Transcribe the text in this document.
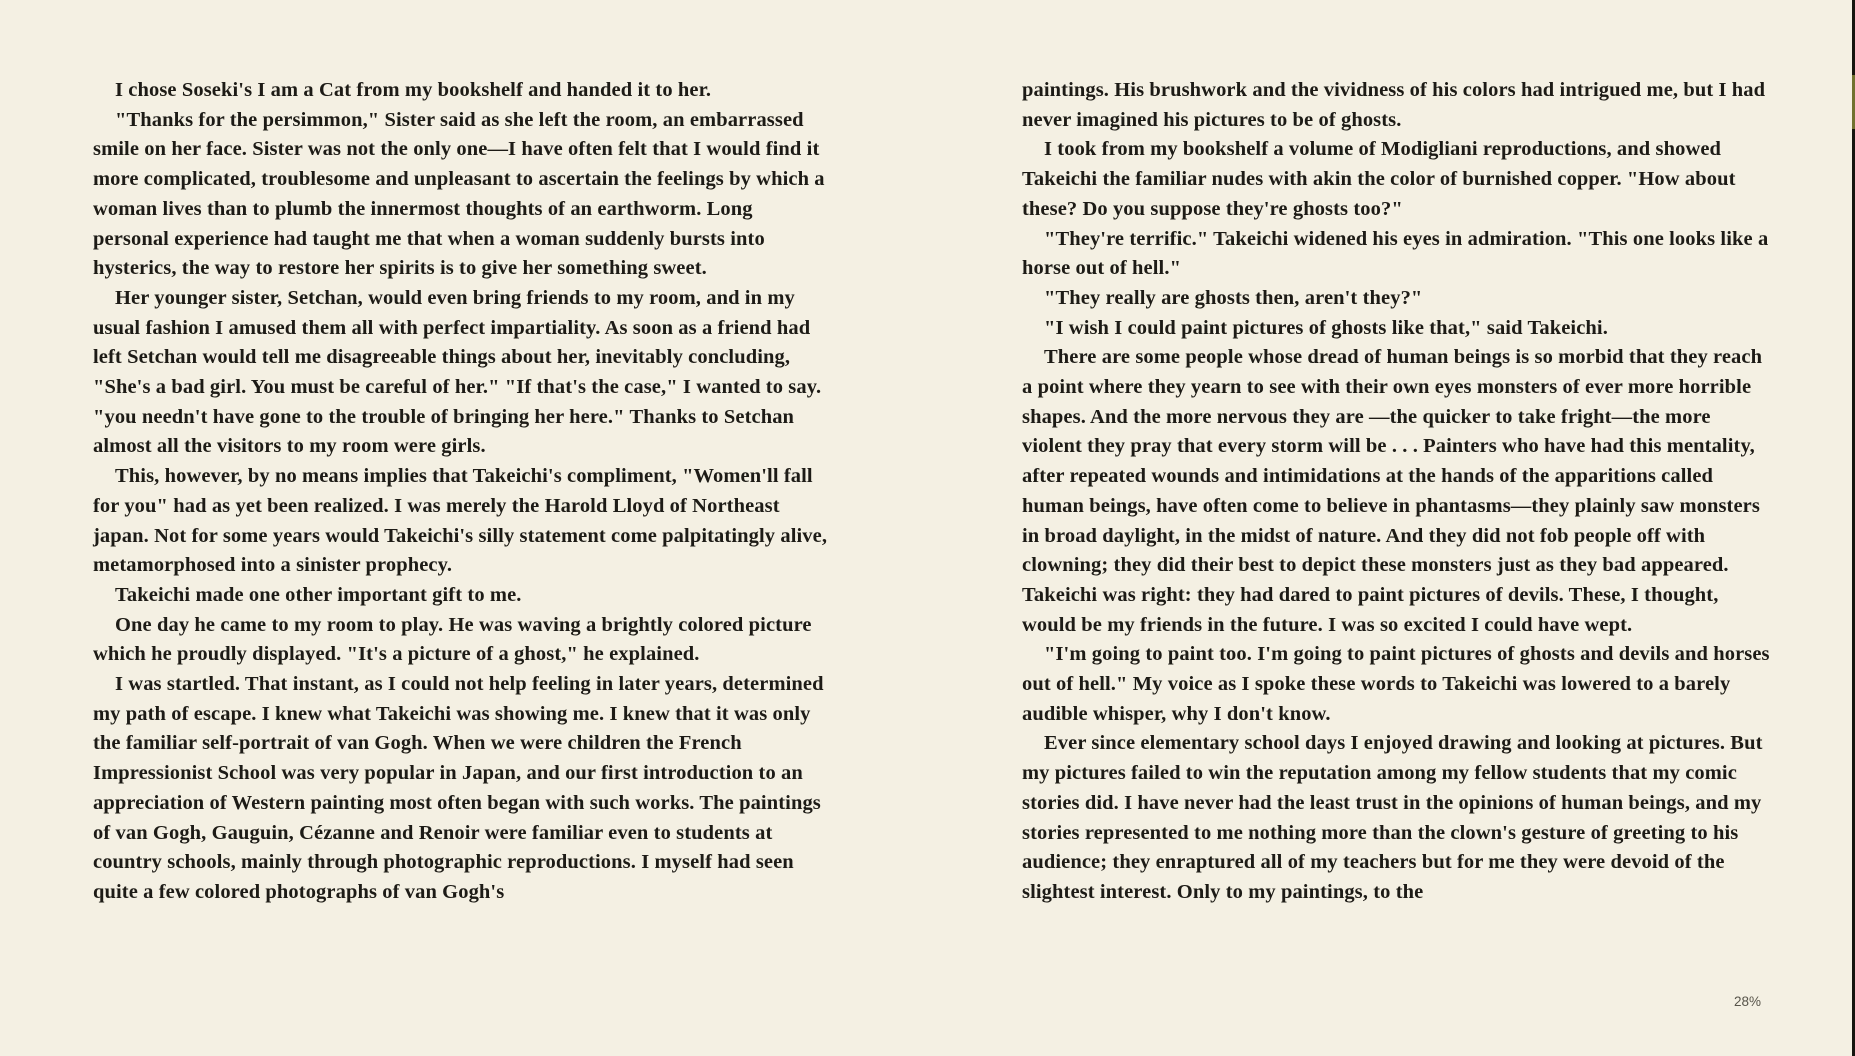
I chose Soseki's I am a Cat from my bookshelf and handed it to her.

"Thanks for the persimmon," Sister said as she left the room, an embarrassed smile on her face. Sister was not the only one—I have often felt that I would find it more complicated, troublesome and unpleasant to ascertain the feelings by which a woman lives than to plumb the innermost thoughts of an earthworm. Long personal experience had taught me that when a woman suddenly bursts into hysterics, the way to restore her spirits is to give her something sweet.

Her younger sister, Setchan, would even bring friends to my room, and in my usual fashion I amused them all with perfect impartiality. As soon as a friend had left Setchan would tell me disagreeable things about her, inevitably concluding, "She's a bad girl. You must be careful of her." "If that's the case," I wanted to say. "you needn't have gone to the trouble of bringing her here." Thanks to Setchan almost all the visitors to my room were girls.

This, however, by no means implies that Takeichi's compliment, "Women'll fall for you" had as yet been realized. I was merely the Harold Lloyd of Northeast japan. Not for some years would Takeichi's silly statement come palpitatingly alive, metamorphosed into a sinister prophecy.

Takeichi made one other important gift to me.

One day he came to my room to play. He was waving a brightly colored picture which he proudly displayed. "It's a picture of a ghost," he explained.

I was startled. That instant, as I could not help feeling in later years, determined my path of escape. I knew what Takeichi was showing me. I knew that it was only the familiar self-portrait of van Gogh. When we were children the French Impressionist School was very popular in Japan, and our first introduction to an appreciation of Western painting most often began with such works. The paintings of van Gogh, Gauguin, Cézanne and Renoir were familiar even to students at country schools, mainly through photographic reproductions. I myself had seen quite a few colored photographs of van Gogh's

paintings. His brushwork and the vividness of his colors had intrigued me, but I had never imagined his pictures to be of ghosts.

I took from my bookshelf a volume of Modigliani reproductions, and showed Takeichi the familiar nudes with akin the color of burnished copper. "How about these? Do you suppose they're ghosts too?"

"They're terrific." Takeichi widened his eyes in admiration. "This one looks like a horse out of hell."

"They really are ghosts then, aren't they?"

"I wish I could paint pictures of ghosts like that," said Takeichi.

There are some people whose dread of human beings is so morbid that they reach a point where they yearn to see with their own eyes monsters of ever more horrible shapes. And the more nervous they are —the quicker to take fright—the more violent they pray that every storm will be . . . Painters who have had this mentality, after repeated wounds and intimidations at the hands of the apparitions called human beings, have often come to believe in phantasms—they plainly saw monsters in broad daylight, in the midst of nature. And they did not fob people off with clowning; they did their best to depict these monsters just as they bad appeared. Takeichi was right: they had dared to paint pictures of devils. These, I thought, would be my friends in the future. I was so excited I could have wept.

"I'm going to paint too. I'm going to paint pictures of ghosts and devils and horses out of hell." My voice as I spoke these words to Takeichi was lowered to a barely audible whisper, why I don't know.

Ever since elementary school days I enjoyed drawing and looking at pictures. But my pictures failed to win the reputation among my fellow students that my comic stories did. I have never had the least trust in the opinions of human beings, and my stories represented to me nothing more than the clown's gesture of greeting to his audience; they enraptured all of my teachers but for me they were devoid of the slightest interest. Only to my paintings, to the

28%
